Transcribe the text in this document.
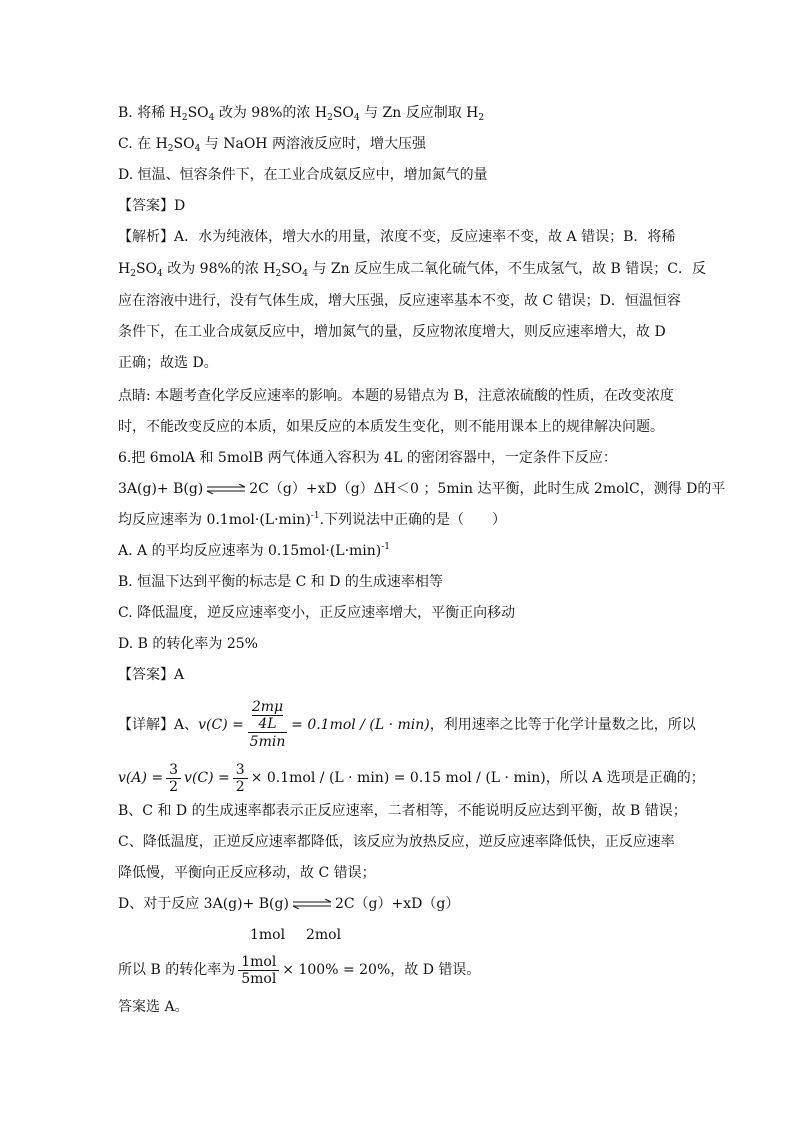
B. 将稀 $H_2SO_4$ 改为 98%的浓 $H_2SO_4$ 与 Zn 反应制取 $H_2$
C. 在 $H_2SO_4$ 与 NaOH 两溶液反应时，增大压强
D. 恒温、恒容条件下，在工业合成氨反应中，增加氮气的量
【答案】D
【解析】A．水为纯液体，增大水的用量，浓度不变，反应速率不变，故 A 错误；B．将稀
$H_2SO_4$ 改为 98%的浓 $H_2SO_4$ 与 Zn 反应生成二氧化硫气体，不生成氢气，故 B 错误；C．反
应在溶液中进行，没有气体生成，增大压强，反应速率基本不变，故 C 错误；D．恒温恒容
条件下，在工业合成氨反应中，增加氮气的量，反应物浓度增大，则反应速率增大，故 D
正确；故选 D。
点睛: 本题考查化学反应速率的影响。本题的易错点为 B，注意浓硫酸的性质，在改变浓度
时，不能改变反应的本质，如果反应的本质发生变化，则不能用课本上的规律解决问题。
6.把 6molA 和 5molB 两气体通入容积为 4L 的密闭容器中，一定条件下反应：
3A(g)+ B(g) ⇌ 2C（g）+xD（g）ΔH＜0 ；5min 达平衡，此时生成 2molC，测得 D的平
均反应速率为 $0.1mol\cdot(L\cdot\min)^{-1}$.下列说法中正确的是（　　）
A. A 的平均反应速率为 $0.15mol\cdot(L\cdot\min)^{-1}$
B. 恒温下达到平衡的标志是 C 和 D 的生成速率相等
C. 降低温度，逆反应速率变小，正反应速率增大，平衡正向移动
D. B 的转化率为 25%
【答案】A
【详解】A、$v(C) = \frac{2m\mu}{4L}$
5min
= 0.1mol / (L · min)，利用速率之比等于化学计量数之比，所以
$v(A) = \frac{3}{2} v(C) = \frac{3}{2} \times 0.1mol / (L \cdot \min) = 0.15$ mol / (L · min)，所以 A 选项是正确的；
B、C 和 D 的生成速率都表示正反应速率，二者相等，不能说明反应达到平衡，故 B 错误；
C、降低温度，正逆反应速率都降低，该反应为放热反应，逆反应速率降低快，正反应速率
降低慢，平衡向正反应移动，故 C 错误；
D、对于反应 3A(g)+ B(g) ⇌ 2C（g）+xD（g）
1mol 2mol
所以 B 的转化率为 $\frac{\text{1mol}}{\text{5mol}} \times 100\% = 20\%$，故 D 错误。
答案选 A。
